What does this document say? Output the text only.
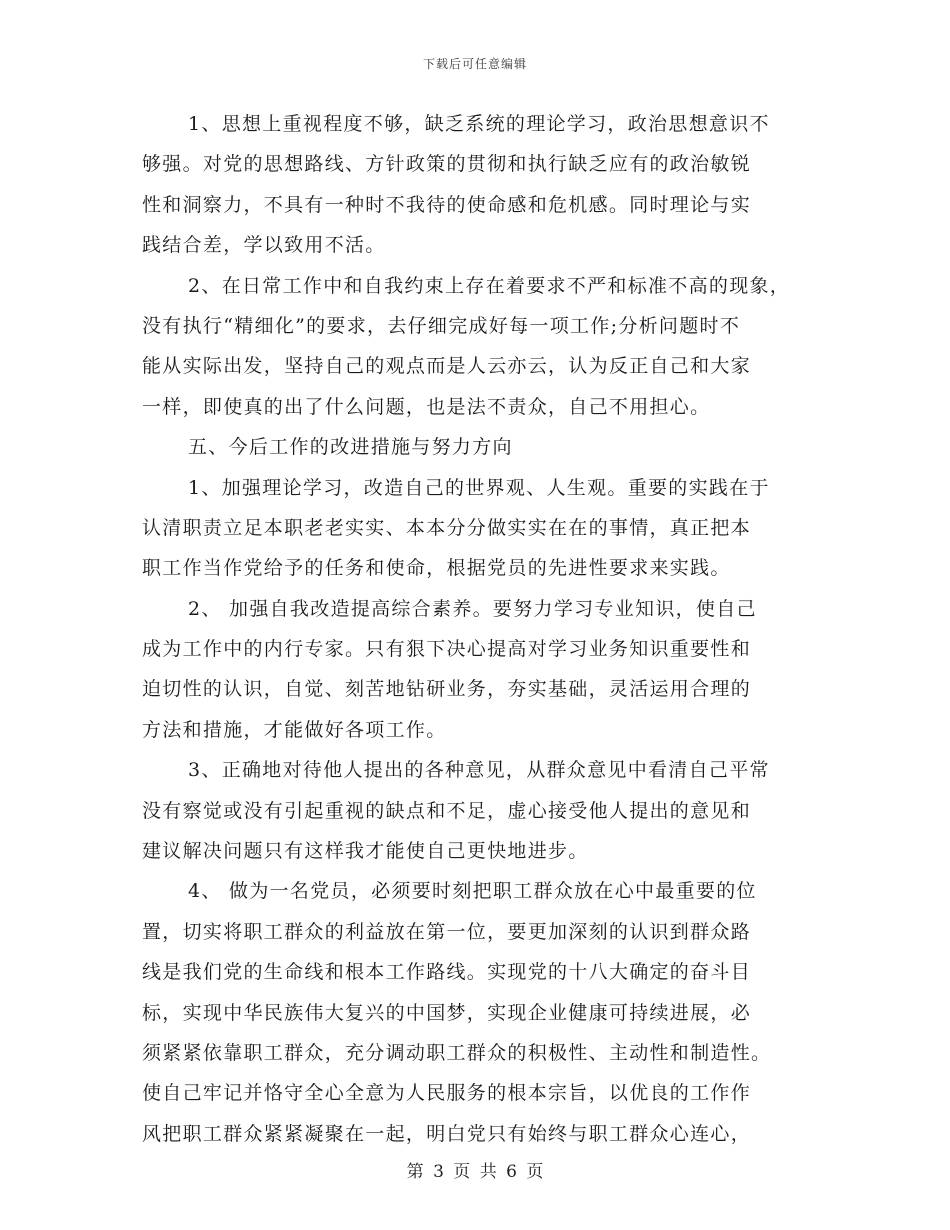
下载后可任意编辑
1、思想上重视程度不够，缺乏系统的理论学习，政治思想意识不
够强。对党的思想路线、方针政策的贯彻和执行缺乏应有的政治敏锐
性和洞察力，不具有一种时不我待的使命感和危机感。同时理论与实
践结合差，学以致用不活。
2、在日常工作中和自我约束上存在着要求不严和标准不高的现象，
没有执行“精细化”的要求，去仔细完成好每一项工作;分析问题时不
能从实际出发，坚持自己的观点而是人云亦云，认为反正自己和大家
一样，即使真的出了什么问题，也是法不责众，自己不用担心。
五、今后工作的改进措施与努力方向
1、加强理论学习，改造自己的世界观、人生观。重要的实践在于
认清职责立足本职老老实实、本本分分做实实在在的事情，真正把本
职工作当作党给予的任务和使命，根据党员的先进性要求来实践。
2、 加强自我改造提高综合素养。要努力学习专业知识，使自己
成为工作中的内行专家。只有狠下决心提高对学习业务知识重要性和
迫切性的认识，自觉、刻苦地钻研业务，夯实基础，灵活运用合理的
方法和措施，才能做好各项工作。
3、正确地对待他人提出的各种意见，从群众意见中看清自己平常
没有察觉或没有引起重视的缺点和不足，虚心接受他人提出的意见和
建议解决问题只有这样我才能使自己更快地进步。
4、 做为一名党员，必须要时刻把职工群众放在心中最重要的位
置，切实将职工群众的利益放在第一位，要更加深刻的认识到群众路
线是我们党的生命线和根本工作路线。实现党的十八大确定的奋斗目
标，实现中华民族伟大复兴的中国梦，实现企业健康可持续进展，必
须紧紧依靠职工群众，充分调动职工群众的积极性、主动性和制造性。
使自己牢记并恪守全心全意为人民服务的根本宗旨，以优良的工作作
风把职工群众紧紧凝聚在一起，明白党只有始终与职工群众心连心，
第 3 页 共 6 页
